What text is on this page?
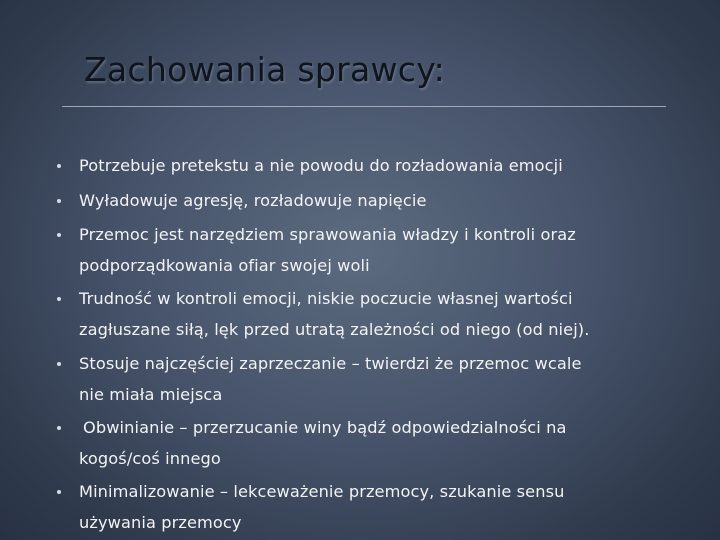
Zachowania sprawcy:
Potrzebuje pretekstu a nie powodu do rozładowania emocji
Wyładowuje agresję, rozładowuje napięcie
Przemoc jest narzędziem sprawowania władzy i kontroli oraz
podporządkowania ofiar swojej woli
Trudność w kontroli emocji, niskie poczucie własnej wartości
zagłuszane siłą, lęk przed utratą zależności od niego (od niej).
Stosuje najczęściej zaprzeczanie – twierdzi że przemoc wcale
nie miała miejsca
Obwinianie – przerzucanie winy bądź odpowiedzialności na
kogoś/coś innego
Minimalizowanie – lekceważenie przemocy, szukanie sensu
używania przemocy
